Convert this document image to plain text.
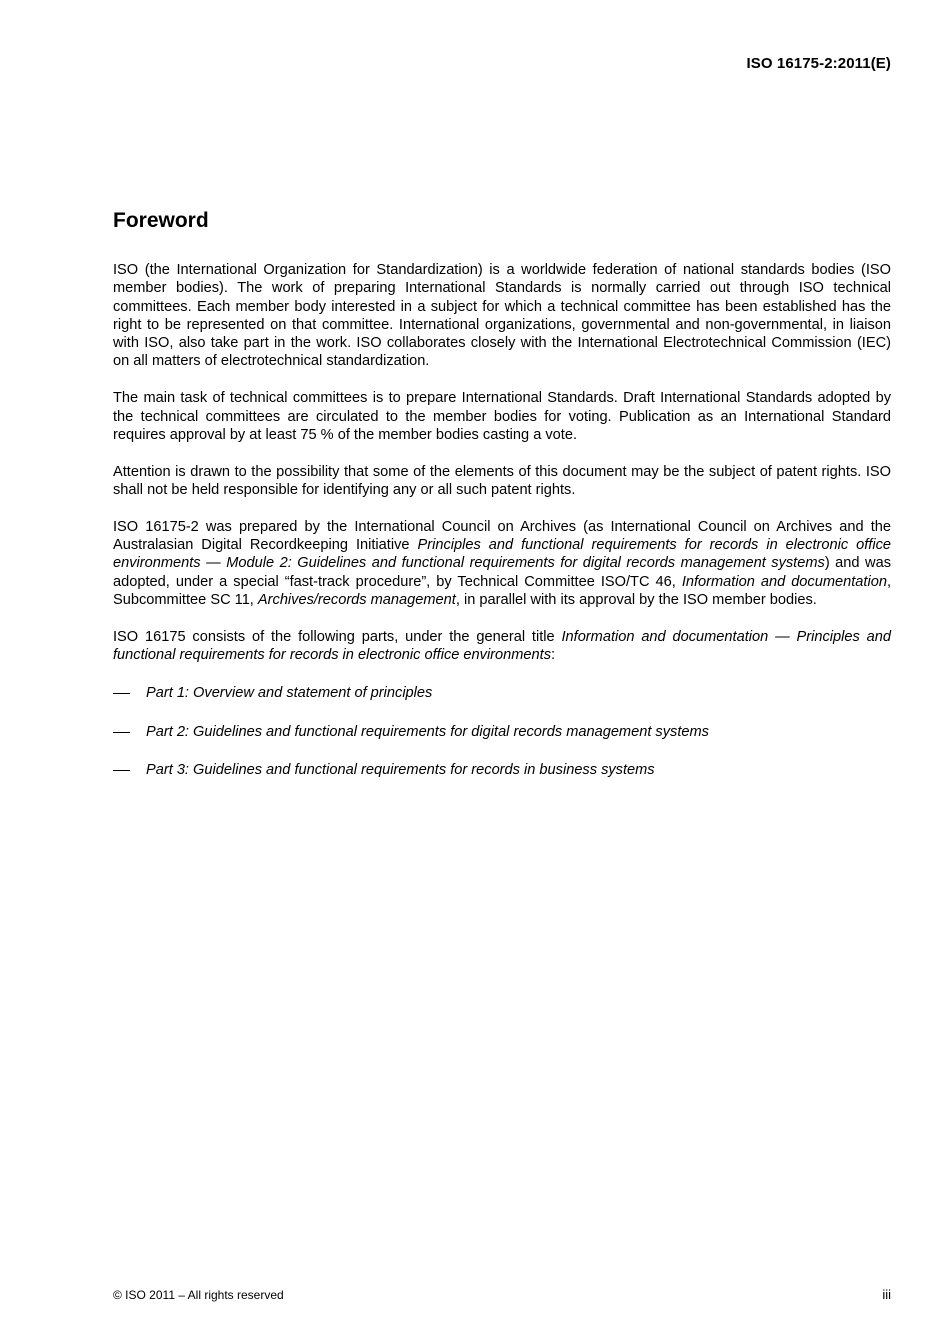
ISO 16175-2:2011(E)
Foreword

ISO (the International Organization for Standardization) is a worldwide federation of national standards bodies (ISO member bodies). The work of preparing International Standards is normally carried out through ISO technical committees. Each member body interested in a subject for which a technical committee has been established has the right to be represented on that committee. International organizations, governmental and non-governmental, in liaison with ISO, also take part in the work. ISO collaborates closely with the International Electrotechnical Commission (IEC) on all matters of electrotechnical standardization.

The main task of technical committees is to prepare International Standards. Draft International Standards adopted by the technical committees are circulated to the member bodies for voting. Publication as an International Standard requires approval by at least 75 % of the member bodies casting a vote.

Attention is drawn to the possibility that some of the elements of this document may be the subject of patent rights. ISO shall not be held responsible for identifying any or all such patent rights.

ISO 16175-2 was prepared by the International Council on Archives (as International Council on Archives and the Australasian Digital Recordkeeping Initiative Principles and functional requirements for records in electronic office environments — Module 2: Guidelines and functional requirements for digital records management systems) and was adopted, under a special “fast-track procedure”, by Technical Committee ISO/TC 46, Information and documentation, Subcommittee SC 11, Archives/records management, in parallel with its approval by the ISO member bodies.

ISO 16175 consists of the following parts, under the general title Information and documentation — Principles and functional requirements for records in electronic office environments:

Part 1: Overview and statement of principles
Part 2: Guidelines and functional requirements for digital records management systems
Part 3: Guidelines and functional requirements for records in business systems
© ISO 2011 – All rights reserved	iii
